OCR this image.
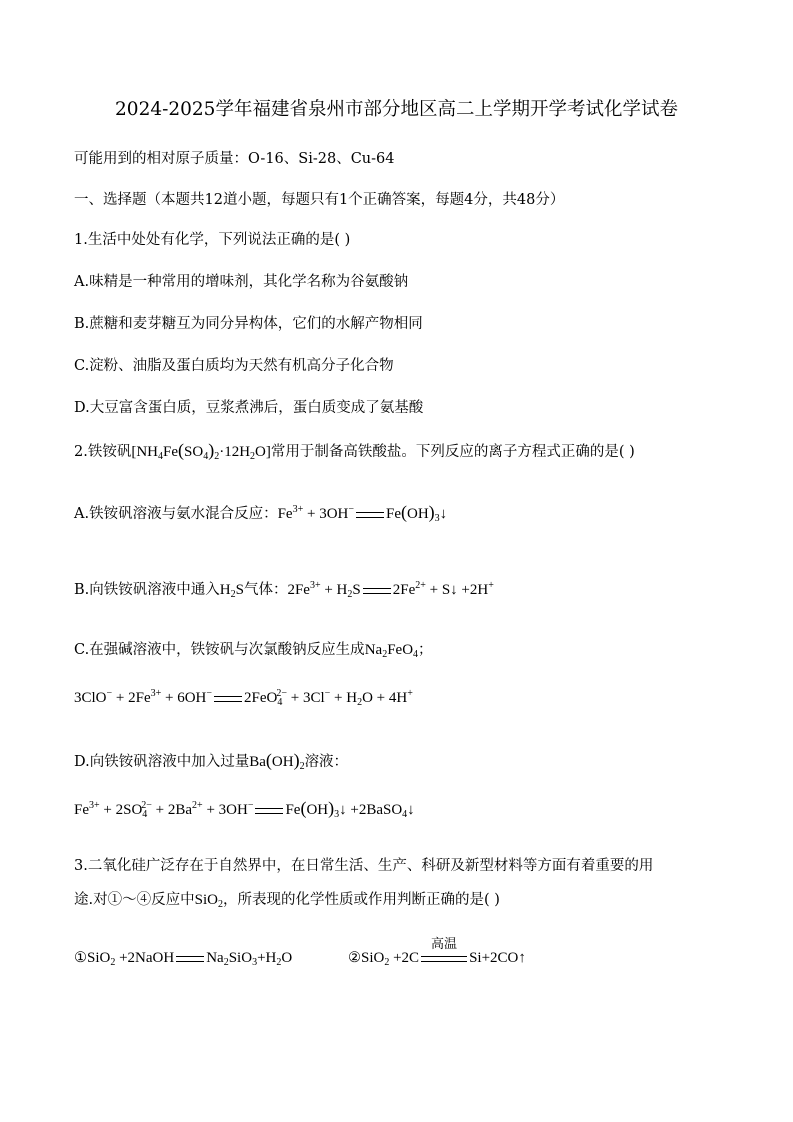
2024-2025学年福建省泉州市部分地区高二上学期开学考试化学试卷
可能用到的相对原子质量：O-16、Si-28、Cu-64
一、选择题（本题共12道小题，每题只有1个正确答案，每题4分，共48分）
1.生活中处处有化学，下列说法正确的是( )
A.味精是一种常用的增味剂，其化学名称为谷氨酸钠
B.蔗糖和麦芽糖互为同分异构体，它们的水解产物相同
C.淀粉、油脂及蛋白质均为天然有机高分子化合物
D.大豆富含蛋白质，豆浆煮沸后，蛋白质变成了氨基酸
2.铁铵矾$[NH_4Fe(SO_4)_2\cdot 12H_2O]$常用于制备高铁酸盐。下列反应的离子方程式正确的是( )
A.铁铵矾溶液与氨水混合反应：$Fe^{3+} + 3OH^-$ $Fe(OH)_3↓$
B.向铁铵矾溶液中通入$H_2S$气体：$2Fe^{3+} + H_2S$ $2Fe^{2+}$ + S↓ +2H+
C.在强碱溶液中，铁铵矾与次氯酸钠反应生成$Na_2FeO_4$；
$3ClO^- + 2Fe^{3+} + 6OH^-$ $2FeO_4^{2-} + 3Cl^- + H_2O + 4H^+$
D.向铁铵矾溶液中加入过量$Ba(OH)_2$溶液：
$Fe^{3+} + 2SO_4^{2-} + 2Ba^{2+} + 3OH^-$ $Fe(OH)_3↓$ +2BaSO$_4$↓
3.二氧化硅广泛存在于自然界中，在日常生活、生产、科研及新型材料等方面有着重要的用
途.对①～④反应中SiO$_2$，所表现的化学性质或作用判断正确的是( )
①SiO$_2$ +2NaOH $Na_2SiO_3+H_2O$	②SiO$_2$ +2C
高温
Si+2CO↑
